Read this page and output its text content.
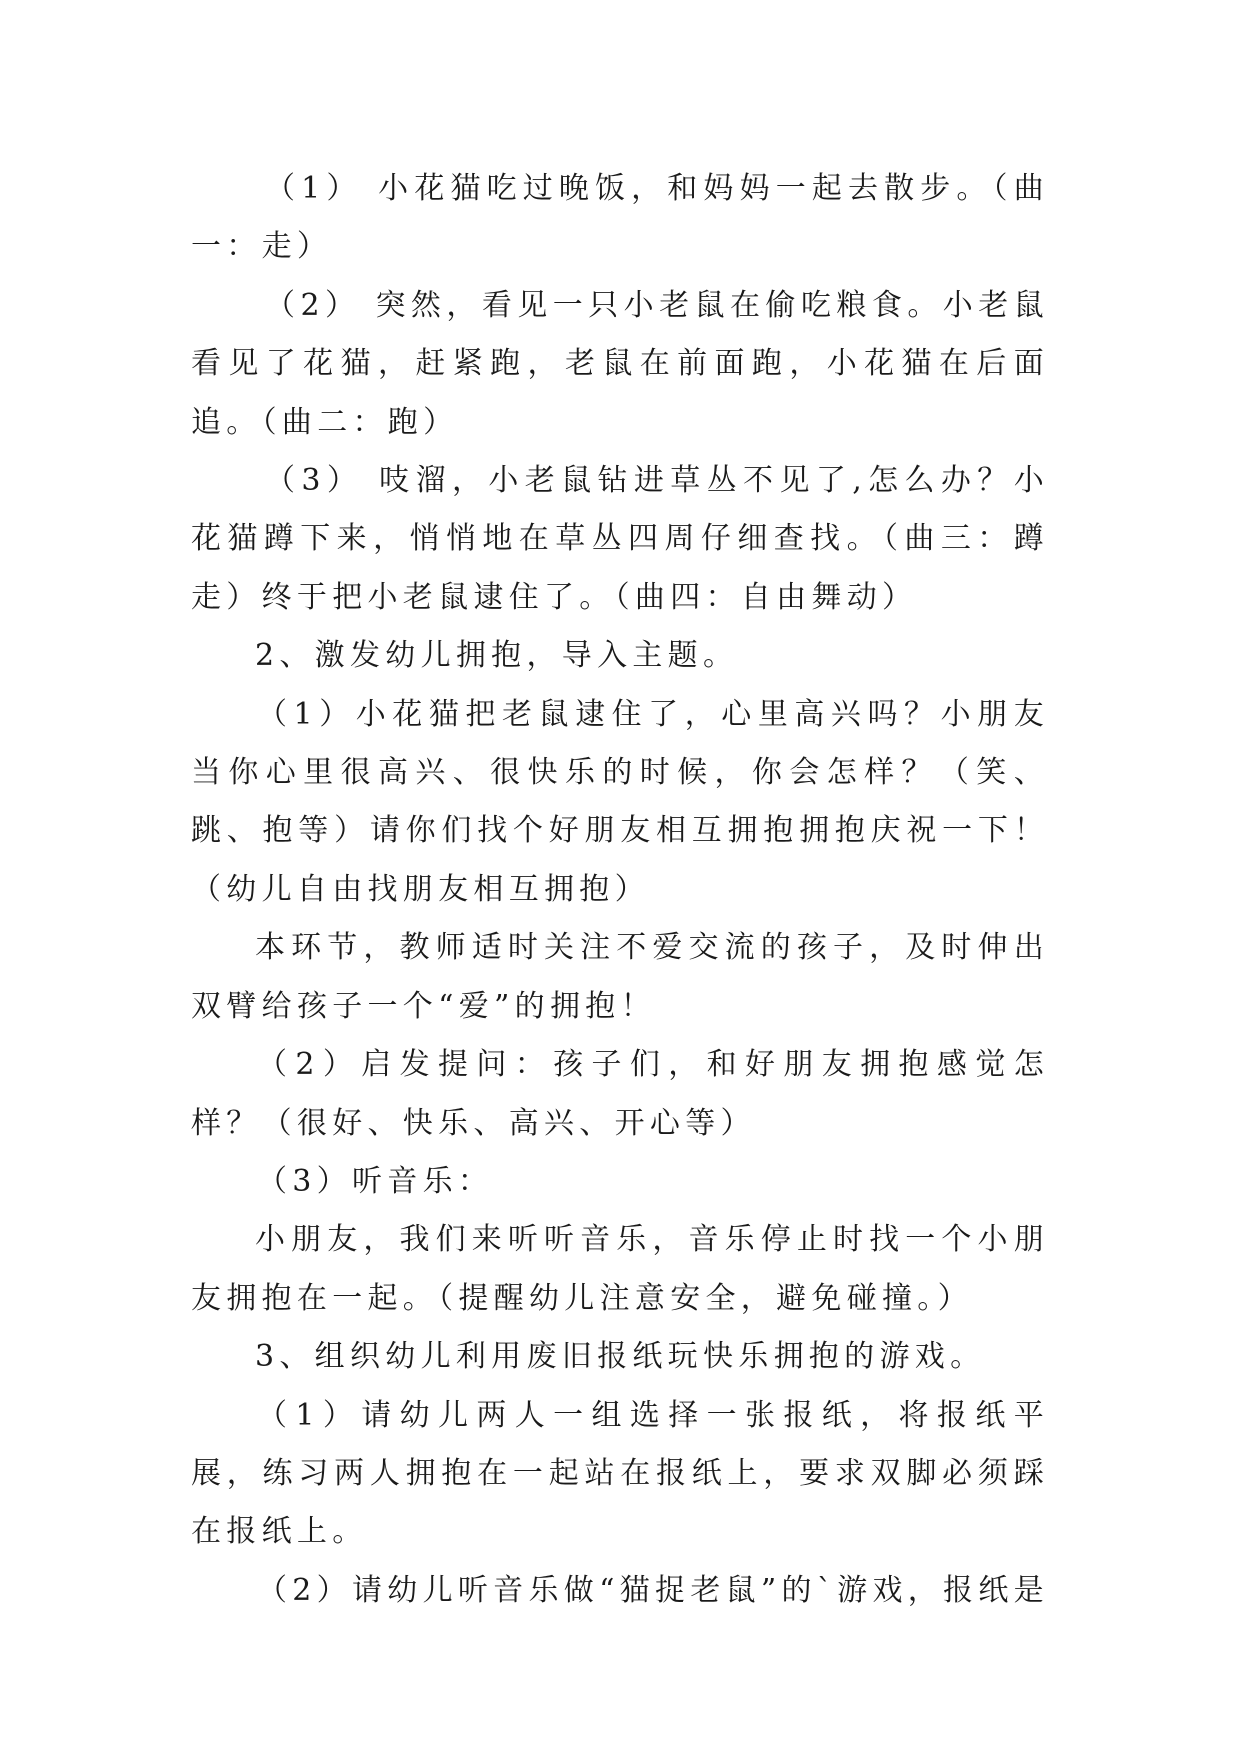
（1） 小花猫吃过晚饭，和妈妈一起去散步。（曲一：走）

（2） 突然，看见一只小老鼠在偷吃粮食。小老鼠看见了花猫，赶紧跑，老鼠在前面跑，小花猫在后面追。（曲二：跑）

（3） 吱溜，小老鼠钻进草丛不见了,怎么办？小花猫蹲下来，悄悄地在草丛四周仔细查找。（曲三：蹲走）终于把小老鼠逮住了。（曲四：自由舞动）

2、激发幼儿拥抱，导入主题。

（1）小花猫把老鼠逮住了，心里高兴吗？小朋友当你心里很高兴、很快乐的时候，你会怎样？（笑、跳、抱等）请你们找个好朋友相互拥抱拥抱庆祝一下！（幼儿自由找朋友相互拥抱）

本环节，教师适时关注不爱交流的孩子，及时伸出双臂给孩子一个“爱”的拥抱！

（2）启发提问：孩子们，和好朋友拥抱感觉怎样？（很好、快乐、高兴、开心等）

（3）听音乐：

小朋友，我们来听听音乐，音乐停止时找一个小朋友拥抱在一起。（提醒幼儿注意安全，避免碰撞。）

3、组织幼儿利用废旧报纸玩快乐拥抱的游戏。

（1）请幼儿两人一组选择一张报纸，将报纸平展，练习两人拥抱在一起站在报纸上，要求双脚必须踩在报纸上。

（2）请幼儿听音乐做“猫捉老鼠”的`游戏，报纸是
